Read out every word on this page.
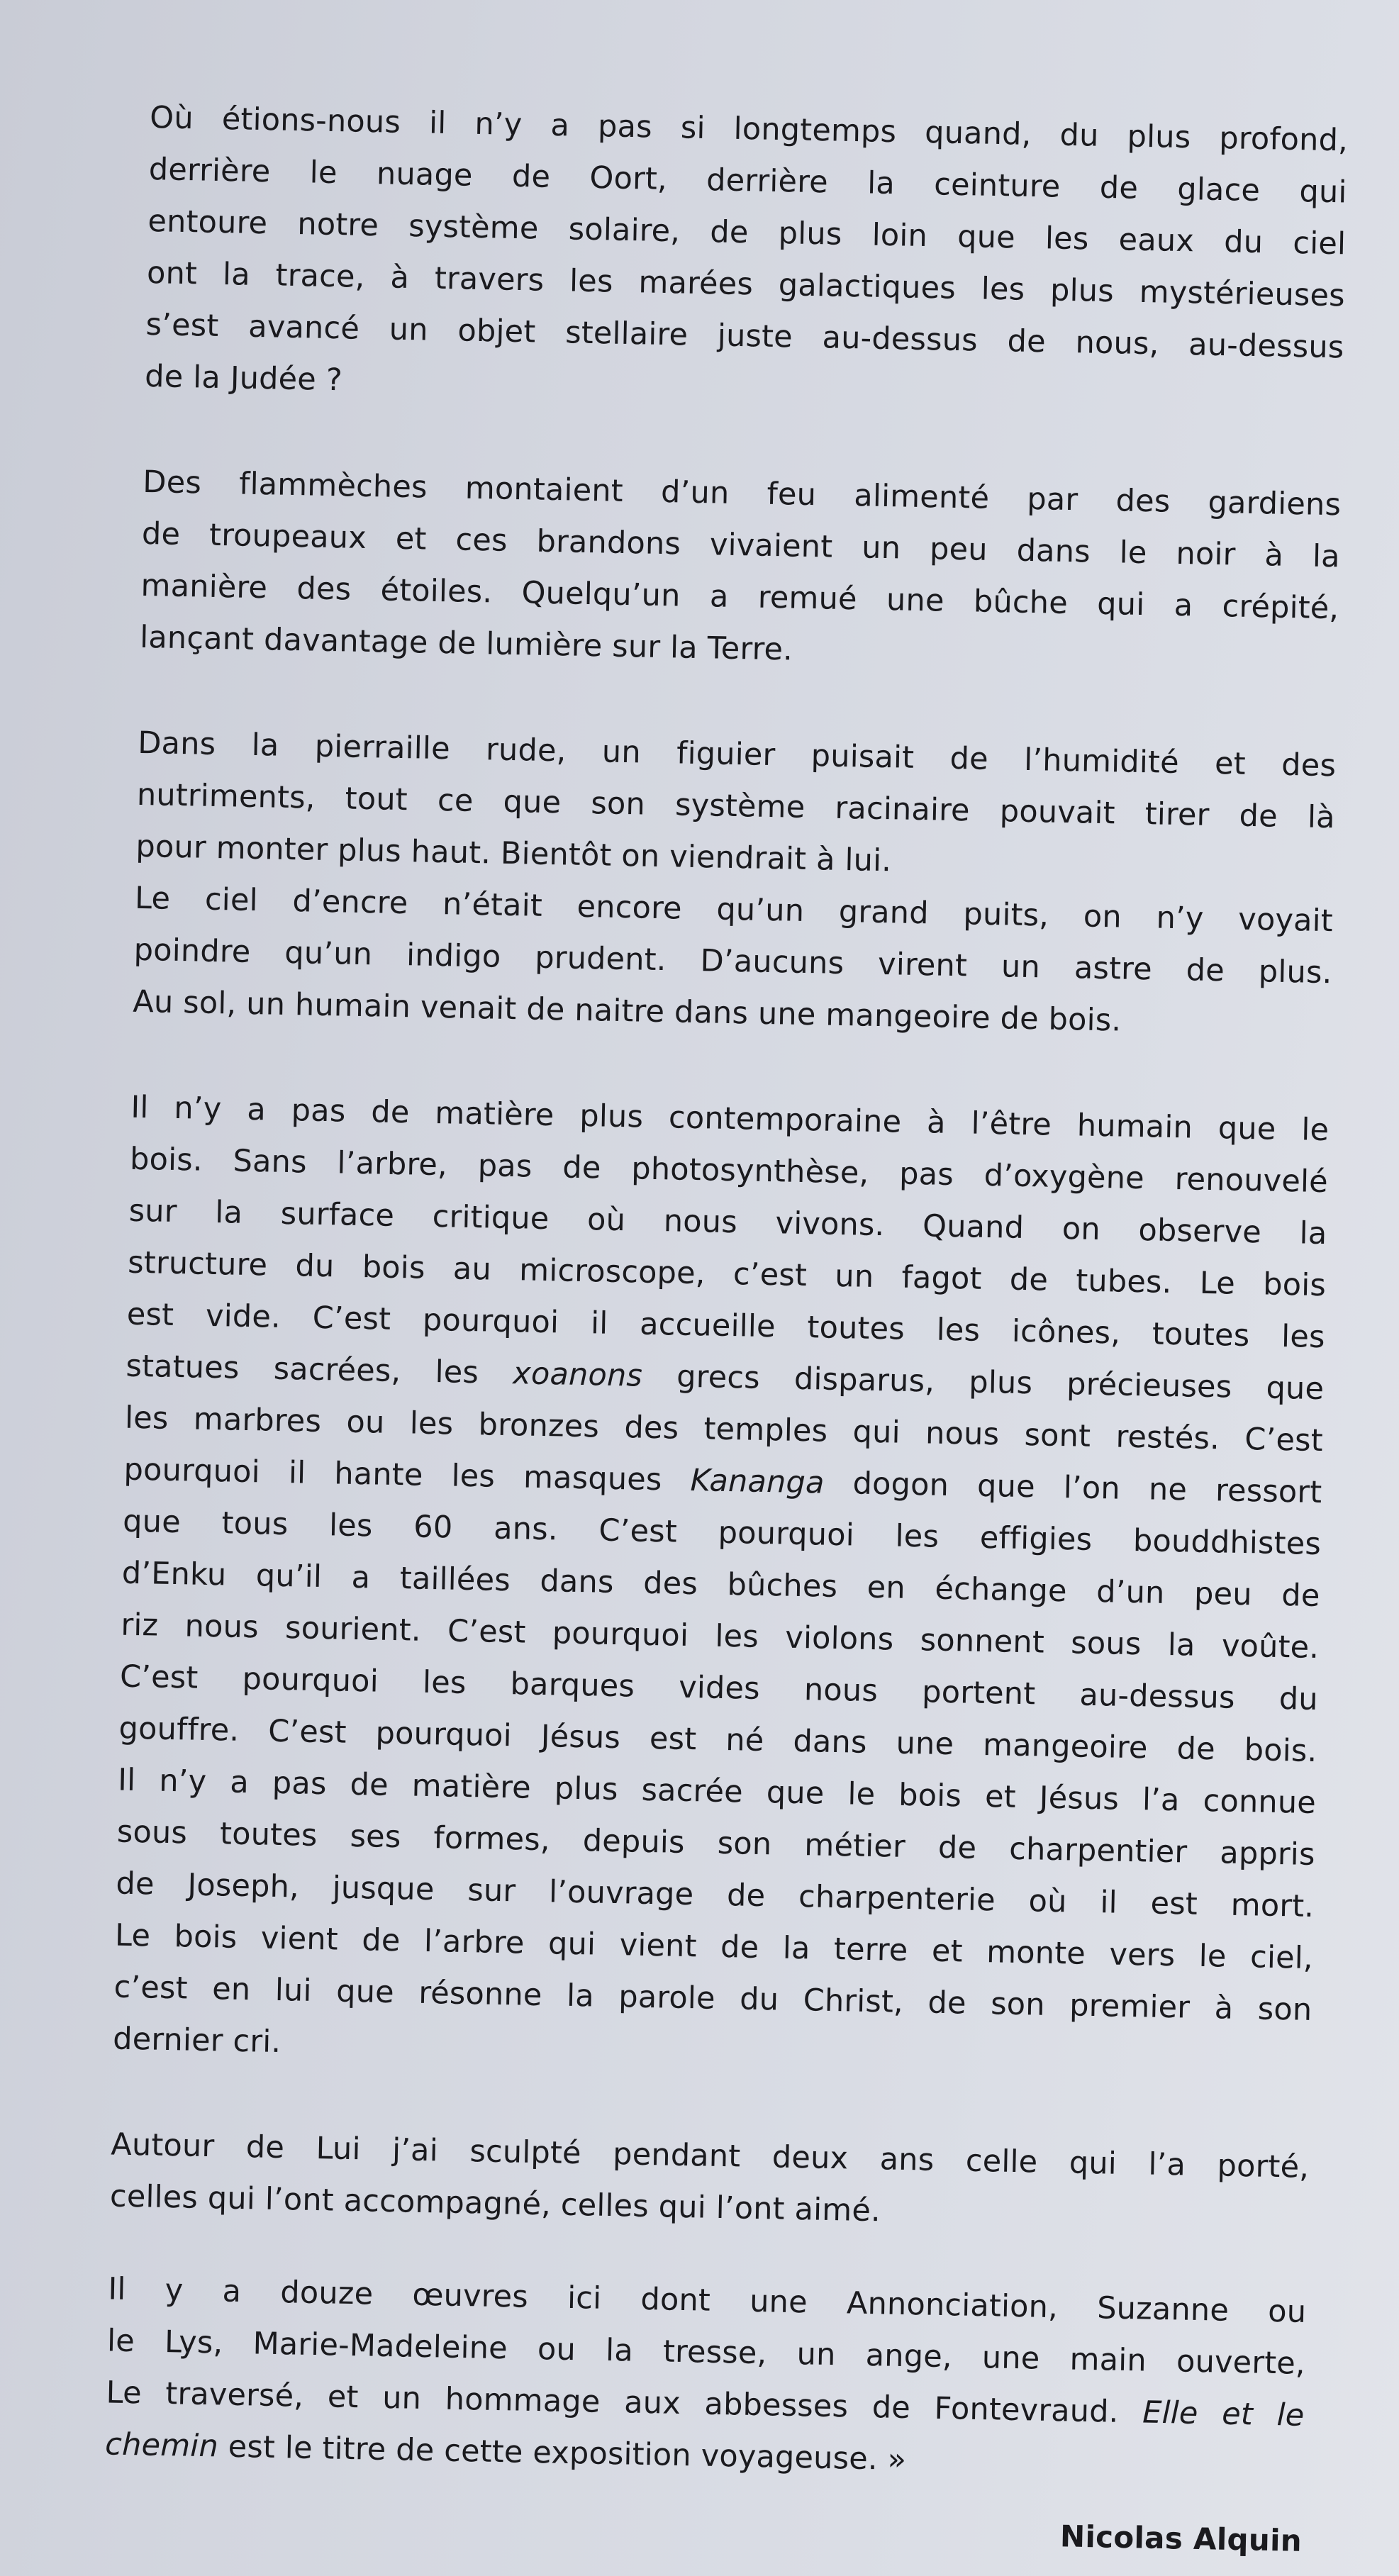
Où étions-nous il n’y a pas si longtemps quand, du plus profond,
derrière le nuage de Oort, derrière la ceinture de glace qui
entoure notre système solaire, de plus loin que les eaux du ciel
ont la trace, à travers les marées galactiques les plus mystérieuses
s’est avancé un objet stellaire juste au-dessus de nous, au-dessus
de la Judée ?

Des flammèches montaient d’un feu alimenté par des gardiens
de troupeaux et ces brandons vivaient un peu dans le noir à la
manière des étoiles. Quelqu’un a remué une bûche qui a crépité,
lançant davantage de lumière sur la Terre.

Dans la pierraille rude, un figuier puisait de l’humidité et des
nutriments, tout ce que son système racinaire pouvait tirer de là
pour monter plus haut. Bientôt on viendrait à lui.

Le ciel d’encre n’était encore qu’un grand puits, on n’y voyait
poindre qu’un indigo prudent. D’aucuns virent un astre de plus.
Au sol, un humain venait de naitre dans une mangeoire de bois.

Il n’y a pas de matière plus contemporaine à l’être humain que le
bois. Sans l’arbre, pas de photosynthèse, pas d’oxygène renouvelé
sur la surface critique où nous vivons. Quand on observe la
structure du bois au microscope, c’est un fagot de tubes. Le bois
est vide. C’est pourquoi il accueille toutes les icônes, toutes les
statues sacrées, les xoanons grecs disparus, plus précieuses que
les marbres ou les bronzes des temples qui nous sont restés. C’est
pourquoi il hante les masques Kananga dogon que l’on ne ressort
que tous les 60 ans. C’est pourquoi les effigies bouddhistes
d’Enku qu’il a taillées dans des bûches en échange d’un peu de
riz nous sourient. C’est pourquoi les violons sonnent sous la voûte.
C’est pourquoi les barques vides nous portent au-dessus du
gouffre. C’est pourquoi Jésus est né dans une mangeoire de bois.
Il n’y a pas de matière plus sacrée que le bois et Jésus l’a connue
sous toutes ses formes, depuis son métier de charpentier appris
de Joseph, jusque sur l’ouvrage de charpenterie où il est mort.
Le bois vient de l’arbre qui vient de la terre et monte vers le ciel,
c’est en lui que résonne la parole du Christ, de son premier à son
dernier cri.

Autour de Lui j’ai sculpté pendant deux ans celle qui l’a porté,
celles qui l’ont accompagné, celles qui l’ont aimé.

Il y a douze œuvres ici dont une Annonciation, Suzanne ou
le Lys, Marie-Madeleine ou la tresse, un ange, une main ouverte,
Le traversé, et un hommage aux abbesses de Fontevraud. Elle et le
chemin est le titre de cette exposition voyageuse. »

Nicolas Alquin
